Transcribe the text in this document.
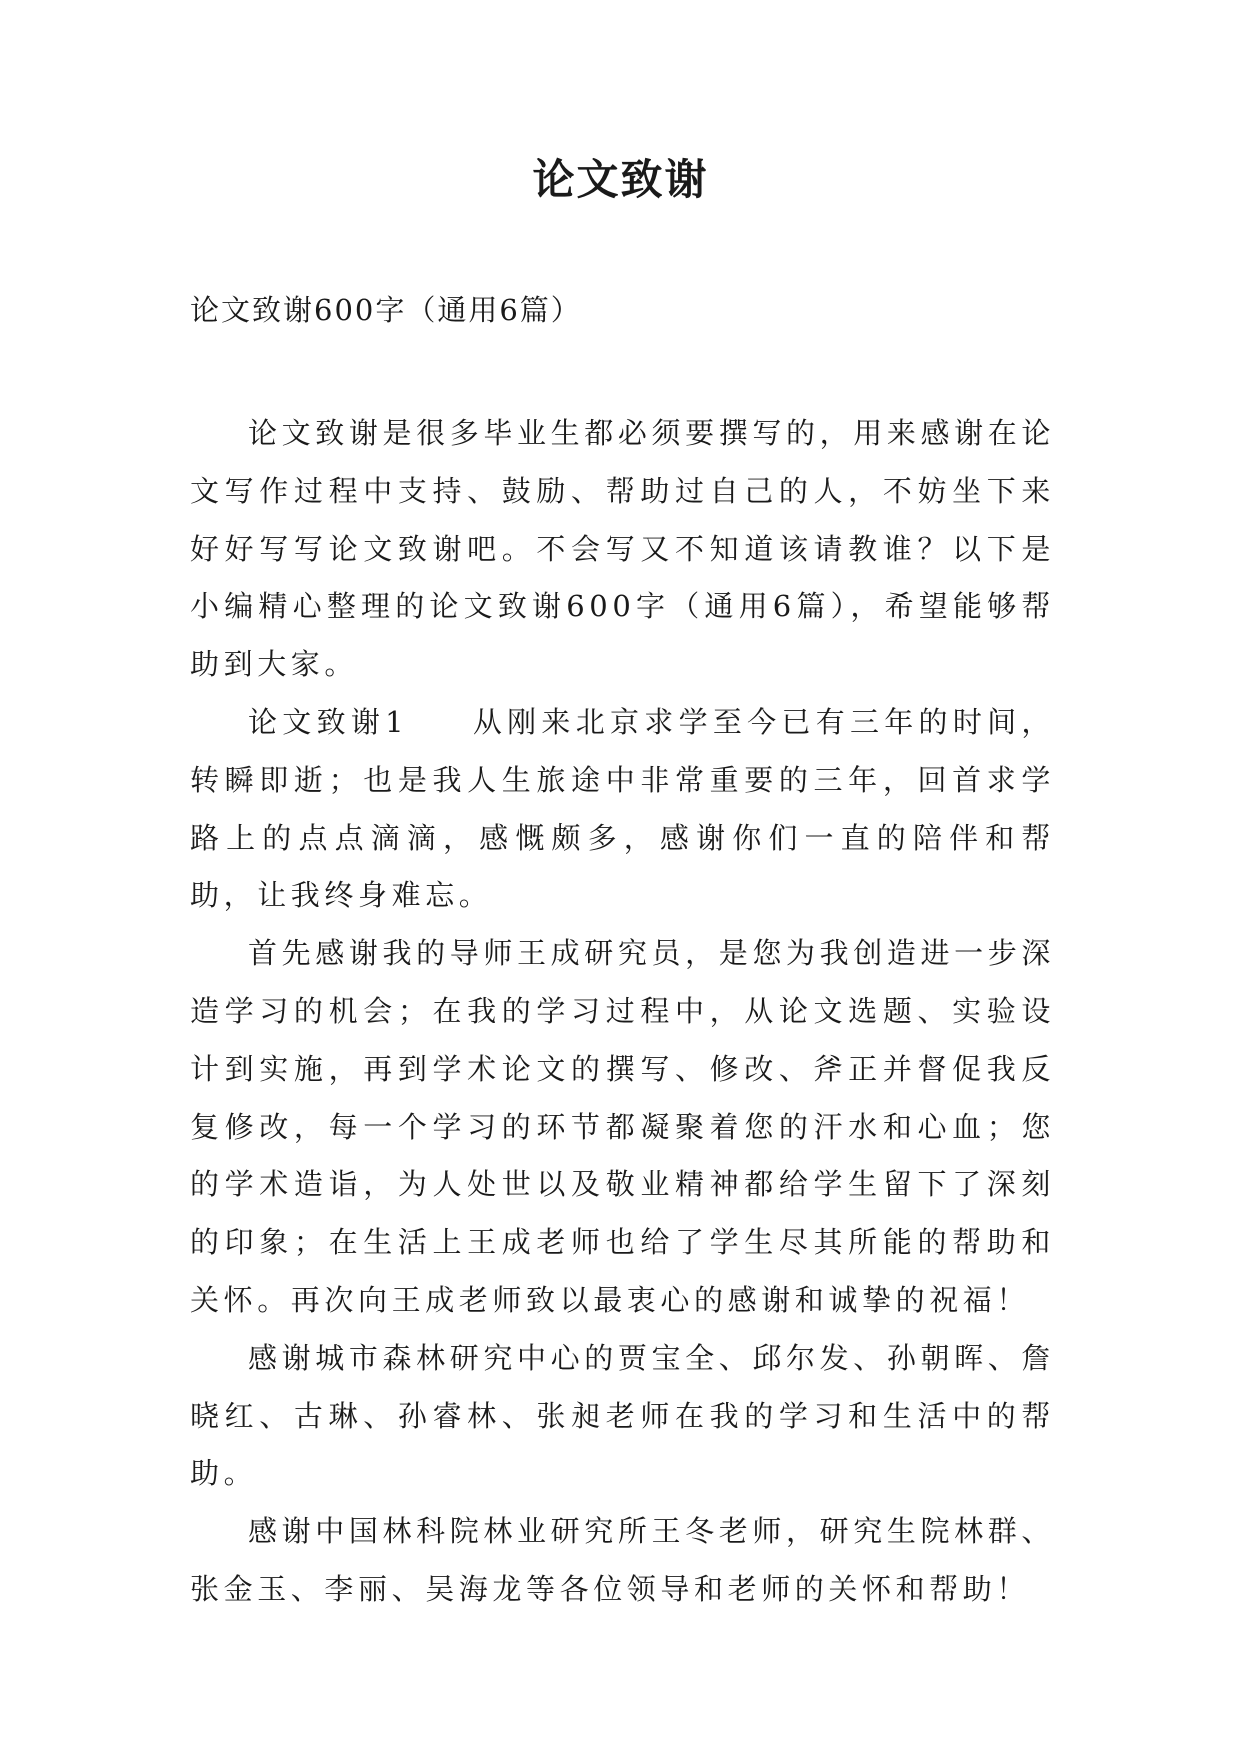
论文致谢
论文致谢600字（通用6篇）

论文致谢是很多毕业生都必须要撰写的，用来感谢在论文写作过程中支持、鼓励、帮助过自己的人，不妨坐下来好好写写论文致谢吧。不会写又不知道该请教谁？以下是小编精心整理的论文致谢600字（通用6篇），希望能够帮助到大家。

论文致谢1 从刚来北京求学至今已有三年的时间，转瞬即逝；也是我人生旅途中非常重要的三年，回首求学路上的点点滴滴，感慨颇多，感谢你们一直的陪伴和帮助，让我终身难忘。

首先感谢我的导师王成研究员，是您为我创造进一步深造学习的机会；在我的学习过程中，从论文选题、实验设计到实施，再到学术论文的撰写、修改、斧正并督促我反复修改，每一个学习的环节都凝聚着您的汗水和心血；您的学术造诣，为人处世以及敬业精神都给学生留下了深刻的印象；在生活上王成老师也给了学生尽其所能的帮助和关怀。再次向王成老师致以最衷心的感谢和诚挚的祝福！

感谢城市森林研究中心的贾宝全、邱尔发、孙朝晖、詹晓红、古琳、孙睿林、张昶老师在我的学习和生活中的帮助。

感谢中国林科院林业研究所王冬老师，研究生院林群、张金玉、李丽、吴海龙等各位领导和老师的关怀和帮助！
